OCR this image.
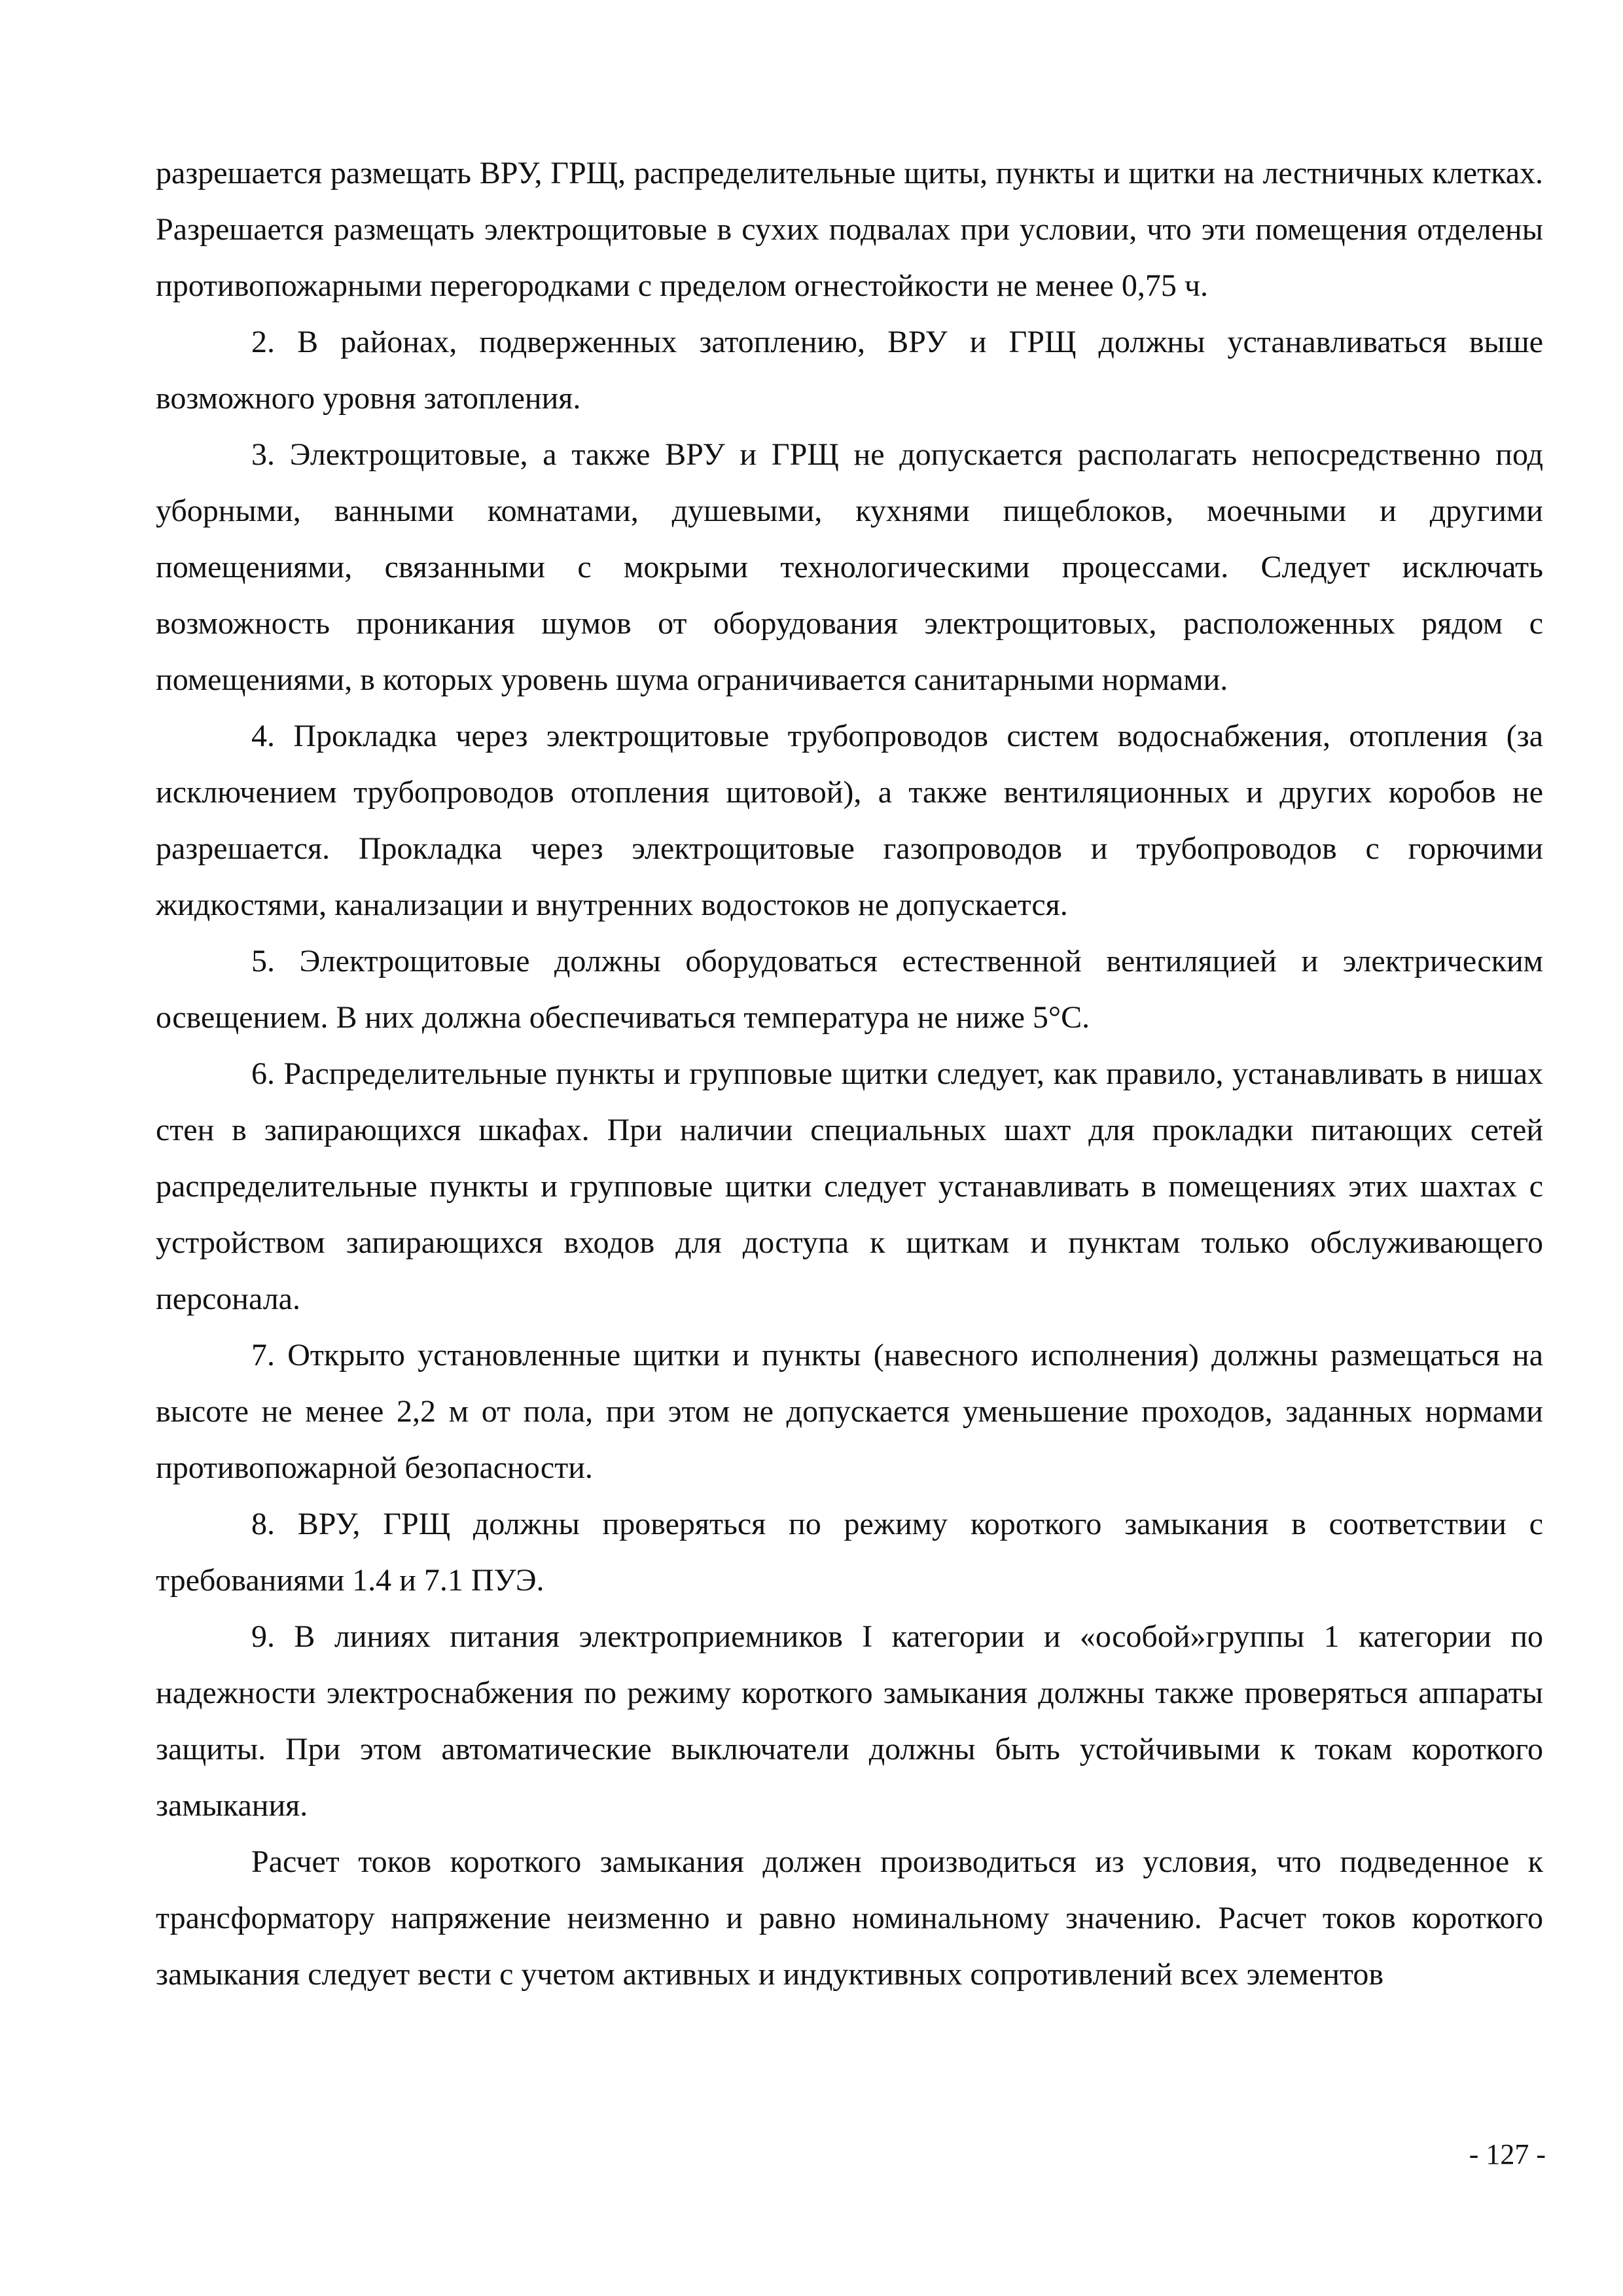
разрешается размещать ВРУ, ГРЩ, распределительные щиты, пункты и щитки на лестничных клетках. Разрешается размещать электрощитовые в сухих подвалах при условии, что эти помещения отделены противопожарными перегородками с пределом огнестойкости не менее 0,75 ч.

2. В районах, подверженных затоплению, ВРУ и ГРЩ должны устанавливаться выше возможного уровня затопления.

3. Электрощитовые, а также ВРУ и ГРЩ не допускается располагать непосредственно под уборными, ванными комнатами, душевыми, кухнями пищеблоков, моечными и другими помещениями, связанными с мокрыми технологическими процессами. Следует исключать возможность проникания шумов от оборудования электрощитовых, расположенных рядом с помещениями, в которых уровень шума ограничивается санитарными нормами.

4. Прокладка через электрощитовые трубопроводов систем водоснабжения, отопления (за исключением трубопроводов отопления щитовой), а также вентиляционных и других коробов не разрешается. Прокладка через электрощитовые газопроводов и трубопроводов с горючими жидкостями, канализации и внутренних водостоков не допускается.

5. Электрощитовые должны оборудоваться естественной вентиляцией и электрическим освещением. В них должна обеспечиваться температура не ниже 5°С.

6. Распределительные пункты и групповые щитки следует, как правило, устанавливать в нишах стен в запирающихся шкафах. При наличии специальных шахт для прокладки питающих сетей распределительные пункты и групповые щитки следует устанавливать в помещениях этих шахтах с устройством запирающихся входов для доступа к щиткам и пунктам только обслуживающего персонала.

7. Открыто установленные щитки и пункты (навесного исполнения) должны размещаться на высоте не менее 2,2 м от пола, при этом не допускается уменьшение проходов, заданных нормами противопожарной безопасности.

8. ВРУ, ГРЩ должны проверяться по режиму короткого замыкания в соответствии с требованиями 1.4 и 7.1 ПУЭ.

9. В линиях питания электроприемников I категории и «особой»группы 1 категории по надежности электроснабжения по режиму короткого замыкания должны также проверяться аппараты защиты. При этом автоматические выключатели должны быть устойчивыми к токам короткого замыкания.

Расчет токов короткого замыкания должен производиться из условия, что подведенное к трансформатору напряжение неизменно и равно номинальному значению. Расчет токов короткого замыкания следует вести с учетом активных и индуктивных сопротивлений всех элементов

- 127 -
